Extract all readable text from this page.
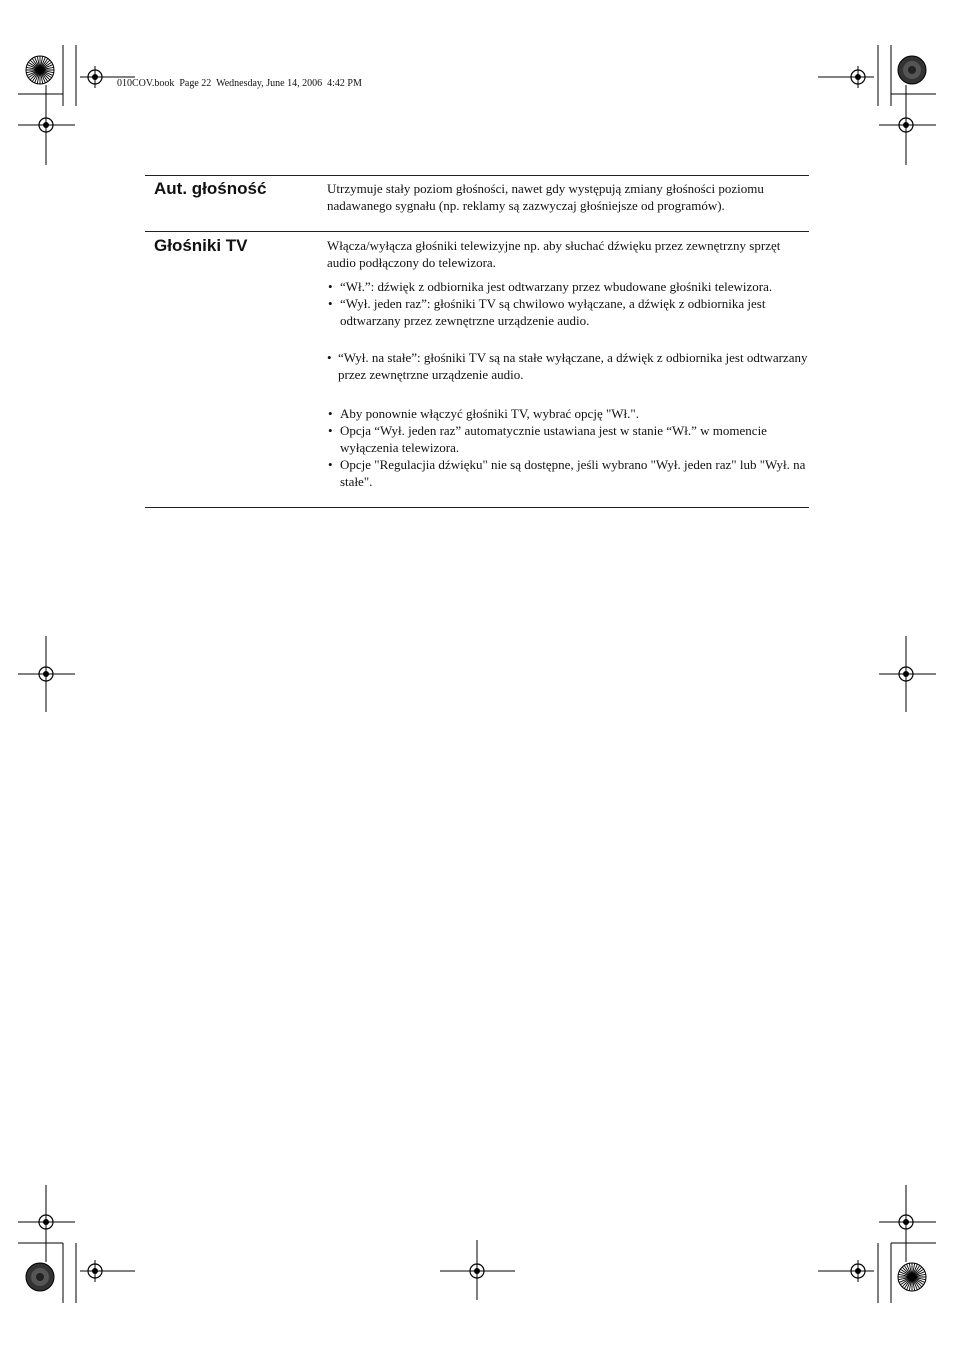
010COV.book  Page 22  Wednesday, June 14, 2006  4:42 PM
Aut. głośność	Utrzymuje stały poziom głośności, nawet gdy występują zmiany głośności poziomu nadawanego sygnału (np. reklamy są zazwyczaj głośniejsze od programów).

Głośniki TV	Włącza/wyłącza głośniki telewizyjne np. aby słuchać dźwięku przez zewnętrzny sprzęt audio podłączony do telewizora.

• “Wł.”: dźwięk z odbiornika jest odtwarzany przez wbudowane głośniki telewizora.
• “Wył. jeden raz”: głośniki TV są chwilowo wyłączane, a dźwięk z odbiornika jest odtwarzany przez zewnętrzne urządzenie audio.
• “Wył. na stałe”: głośniki TV są na stałe wyłączane, a dźwięk z odbiornika jest odtwarzany przez zewnętrzne urządzenie audio.
• Aby ponownie włączyć głośniki TV, wybrać opcję "Wł.".
• Opcja “Wył. jeden raz” automatycznie ustawiana jest w stanie “Wł.” w momencie wyłączenia telewizora.
• Opcje "Regulacjia dźwięku" nie są dostępne, jeśli wybrano "Wył. jeden raz" lub "Wył. na stałe".
